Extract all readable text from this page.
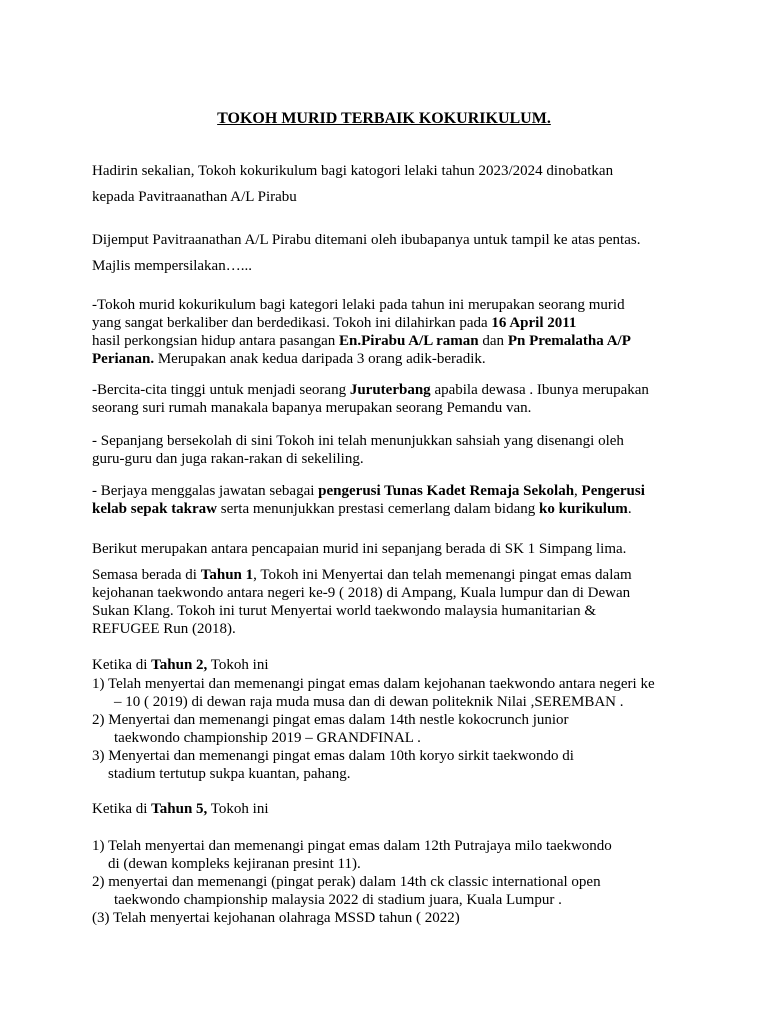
TOKOH MURID TERBAIK KOKURIKULUM.

Hadirin sekalian, Tokoh kokurikulum bagi katogori lelaki tahun 2023/2024 dinobatkan
kepada Pavitraanathan A/L Pirabu

Dijemput Pavitraanathan A/L Pirabu ditemani oleh ibubapanya untuk tampil ke atas pentas.
Majlis mempersilakan…...

-Tokoh murid kokurikulum bagi kategori lelaki pada tahun ini merupakan seorang murid
yang sangat berkaliber dan berdedikasi. Tokoh ini dilahirkan pada 16 April 2011
hasil perkongsian hidup antara pasangan En.Pirabu A/L raman dan Pn Premalatha A/P
Perianan. Merupakan anak kedua daripada 3 orang adik-beradik.

-Bercita-cita tinggi untuk menjadi seorang Juruterbang apabila dewasa . Ibunya merupakan
seorang suri rumah manakala bapanya merupakan seorang Pemandu van.

- Sepanjang bersekolah di sini Tokoh ini telah menunjukkan sahsiah yang disenangi oleh
guru-guru dan juga rakan-rakan di sekeliling.

- Berjaya menggalas jawatan sebagai pengerusi Tunas Kadet Remaja Sekolah, Pengerusi
kelab sepak takraw serta menunjukkan prestasi cemerlang dalam bidang ko kurikulum.

Berikut merupakan antara pencapaian murid ini sepanjang berada di SK 1 Simpang lima.

Semasa berada di Tahun 1, Tokoh ini Menyertai dan telah memenangi pingat emas dalam
kejohanan taekwondo antara negeri ke-9 ( 2018) di Ampang, Kuala lumpur dan di Dewan
Sukan Klang. Tokoh ini turut Menyertai world taekwondo malaysia humanitarian &
REFUGEE Run (2018).

Ketika di Tahun 2, Tokoh ini

1) Telah menyertai dan memenangi pingat emas dalam kejohanan taekwondo antara negeri ke
– 10 ( 2019) di dewan raja muda musa dan di dewan politeknik Nilai ,SEREMBAN .
2) Menyertai dan memenangi pingat emas dalam 14th nestle kokocrunch junior
taekwondo championship 2019 – GRANDFINAL .
3) Menyertai dan memenangi pingat emas dalam 10th koryo sirkit taekwondo di
stadium tertutup sukpa kuantan, pahang.

Ketika di Tahun 5, Tokoh ini

1) Telah menyertai dan memenangi pingat emas dalam 12th Putrajaya milo taekwondo
di (dewan kompleks kejiranan presint 11).
2) menyertai dan memenangi (pingat perak) dalam 14th ck classic international open
taekwondo championship malaysia 2022 di stadium juara, Kuala Lumpur .
(3) Telah menyertai kejohanan olahraga MSSD tahun ( 2022)
